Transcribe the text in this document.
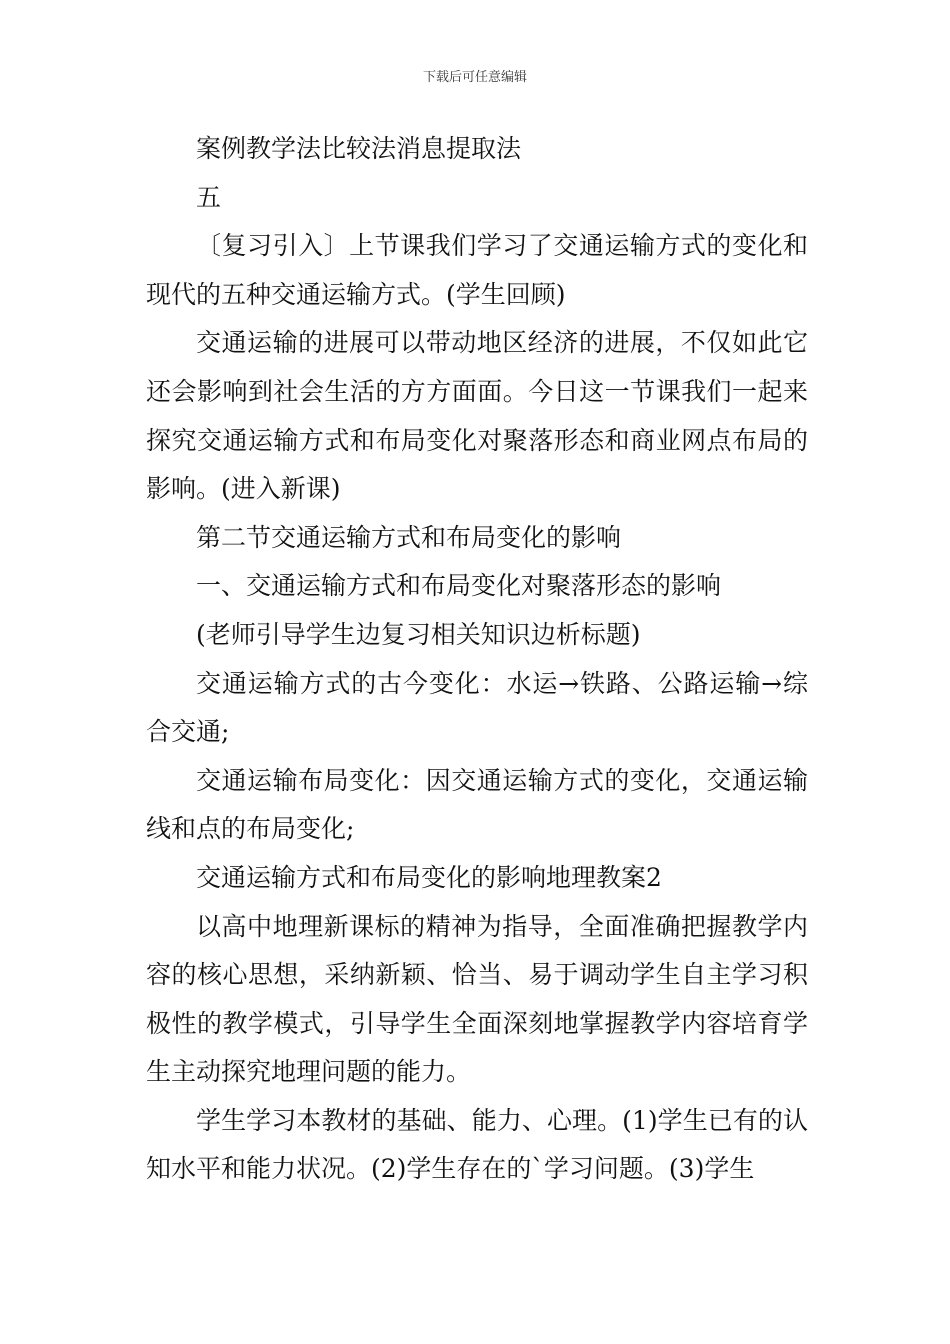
下载后可任意编辑

案例教学法比较法消息提取法

五

〔复习引入〕上节课我们学习了交通运输方式的变化和现代的五种交通运输方式。(学生回顾)

交通运输的进展可以带动地区经济的进展，不仅如此它还会影响到社会生活的方方面面。今日这一节课我们一起来探究交通运输方式和布局变化对聚落形态和商业网点布局的影响。(进入新课)

第二节交通运输方式和布局变化的影响

一、交通运输方式和布局变化对聚落形态的影响

(老师引导学生边复习相关知识边析标题)

交通运输方式的古今变化：水运→铁路、公路运输→综合交通;

交通运输布局变化：因交通运输方式的变化，交通运输线和点的布局变化;

交通运输方式和布局变化的影响地理教案2

以高中地理新课标的精神为指导，全面准确把握教学内容的核心思想，采纳新颖、恰当、易于调动学生自主学习积极性的教学模式，引导学生全面深刻地掌握教学内容培育学生主动探究地理问题的能力。

学生学习本教材的基础、能力、心理。(1)学生已有的认知水平和能力状况。(2)学生存在的`学习问题。(3)学生
